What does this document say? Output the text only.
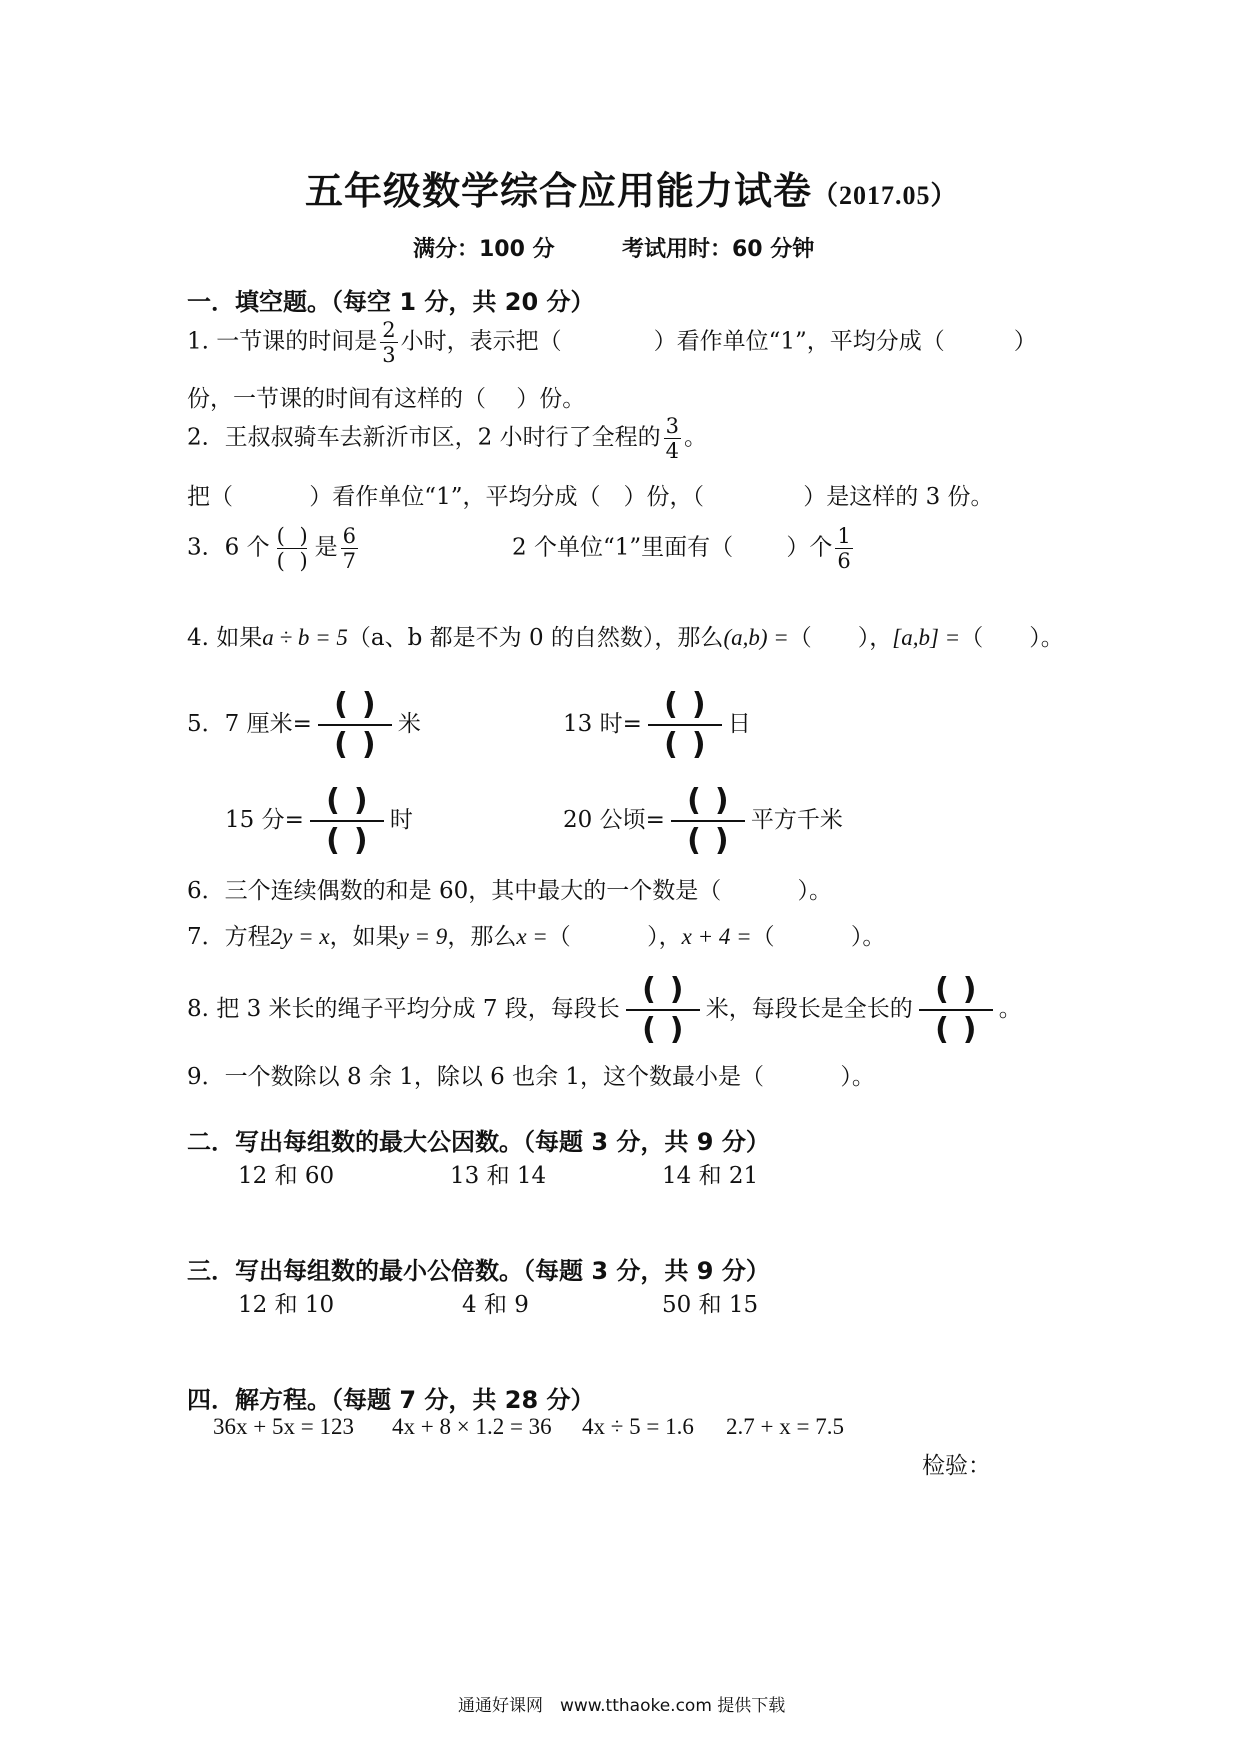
五年级数学综合应用能力试卷（2017.05）
满分：100 分	考试用时：60 分钟
一．填空题。（每空 1 分，共 20 分）
1. 一节课的时间是 $\frac{2}{3}$ 小时，表示把（　　　　）看作单位“1”，平均分成（　　　）
份，一节课的时间有这样的（　 ）份。
2．王叔叔骑车去新沂市区，2 小时行了全程的 $\frac{3}{4}$ 。
把（　　　 ）看作单位“1”，平均分成（　）份，（　　　　 ）是这样的 3 份。
3．6 个 ( )
( )
是 $\frac{6}{7}$	2 个单位“1”里面有（　　 ）个 $\frac{1}{6}$
4. 如果a ÷ b = 5（a、b 都是不为 0 的自然数），那么(a,b) =（　　），[a,b] =（　　）。
5．7 厘米=
()
()
米	13 时=
()
()
日
15 分=
()
()
时	20 公顷=
()
()
平方千米
6．三个连续偶数的和是 60，其中最大的一个数是（　　　 ）。
7．方程2y = x，如果y = 9，那么x =（　　　 ），x + 4 =（　　　 ）。
8. 把 3 米长的绳子平均分成 7 段，每段长
()
()
米，每段长是全长的
()
()
。
9．一个数除以 8 余 1，除以 6 也余 1，这个数最小是（　　　 ）。
二．写出每组数的最大公因数。（每题 3 分，共 9 分）
12 和 60	13 和 14	14 和 21
三．写出每组数的最小公倍数。（每题 3 分，共 9 分）
12 和 10	4 和 9	50 和 15
四．解方程。（每题 7 分，共 28 分）
36x + 5x = 123 4x + 8 × 1.2 = 36 4x ÷ 5 = 1.6 2.7 + x = 7.5
检验：
通通好课网　www.tthaoke.com 提供下载
